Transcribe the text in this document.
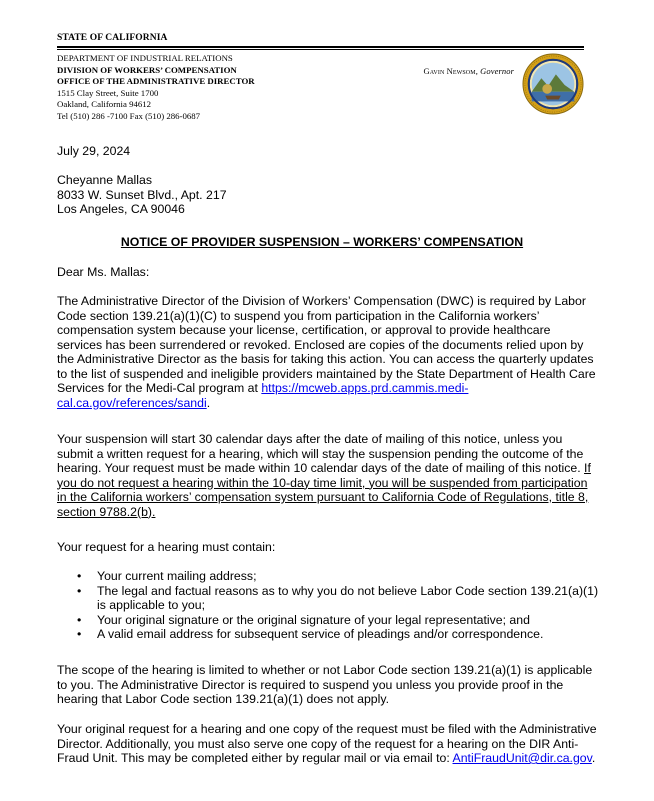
STATE OF CALIFORNIA
Gavin Newsom, Governor
DEPARTMENT OF INDUSTRIAL RELATIONS
DIVISION OF WORKERS’ COMPENSATION
OFFICE OF THE ADMINISTRATIVE DIRECTOR
1515 Clay Street, Suite 1700
Oakland, California 94612
Tel (510) 286 -7100 Fax (510) 286-0687
July 29, 2024
Cheyanne Mallas
8033 W. Sunset Blvd., Apt. 217
Los Angeles, CA 90046
NOTICE OF PROVIDER SUSPENSION – WORKERS’ COMPENSATION
Dear Ms. Mallas:
The Administrative Director of the Division of Workers’ Compensation (DWC) is required by Labor Code section 139.21(a)(1)(C) to suspend you from participation in the California workers’ compensation system because your license, certification, or approval to provide healthcare services has been surrendered or revoked. Enclosed are copies of the documents relied upon by the Administrative Director as the basis for taking this action. You can access the quarterly updates to the list of suspended and ineligible providers maintained by the State Department of Health Care Services for the Medi-Cal program at https://mcweb.apps.prd.cammis.medi-cal.ca.gov/references/sandi.
Your suspension will start 30 calendar days after the date of mailing of this notice, unless you submit a written request for a hearing, which will stay the suspension pending the outcome of the hearing. Your request must be made within 10 calendar days of the date of mailing of this notice. If you do not request a hearing within the 10-day time limit, you will be suspended from participation in the California workers’ compensation system pursuant to California Code of Regulations, title 8, section 9788.2(b).
Your request for a hearing must contain:
• Your current mailing address;
• The legal and factual reasons as to why you do not believe Labor Code section 139.21(a)(1) is applicable to you;
• Your original signature or the original signature of your legal representative; and
• A valid email address for subsequent service of pleadings and/or correspondence.
The scope of the hearing is limited to whether or not Labor Code section 139.21(a)(1) is applicable to you. The Administrative Director is required to suspend you unless you provide proof in the hearing that Labor Code section 139.21(a)(1) does not apply.
Your original request for a hearing and one copy of the request must be filed with the Administrative Director. Additionally, you must also serve one copy of the request for a hearing on the DIR Anti-Fraud Unit. This may be completed either by regular mail or via email to: AntiFraudUnit@dir.ca.gov.
